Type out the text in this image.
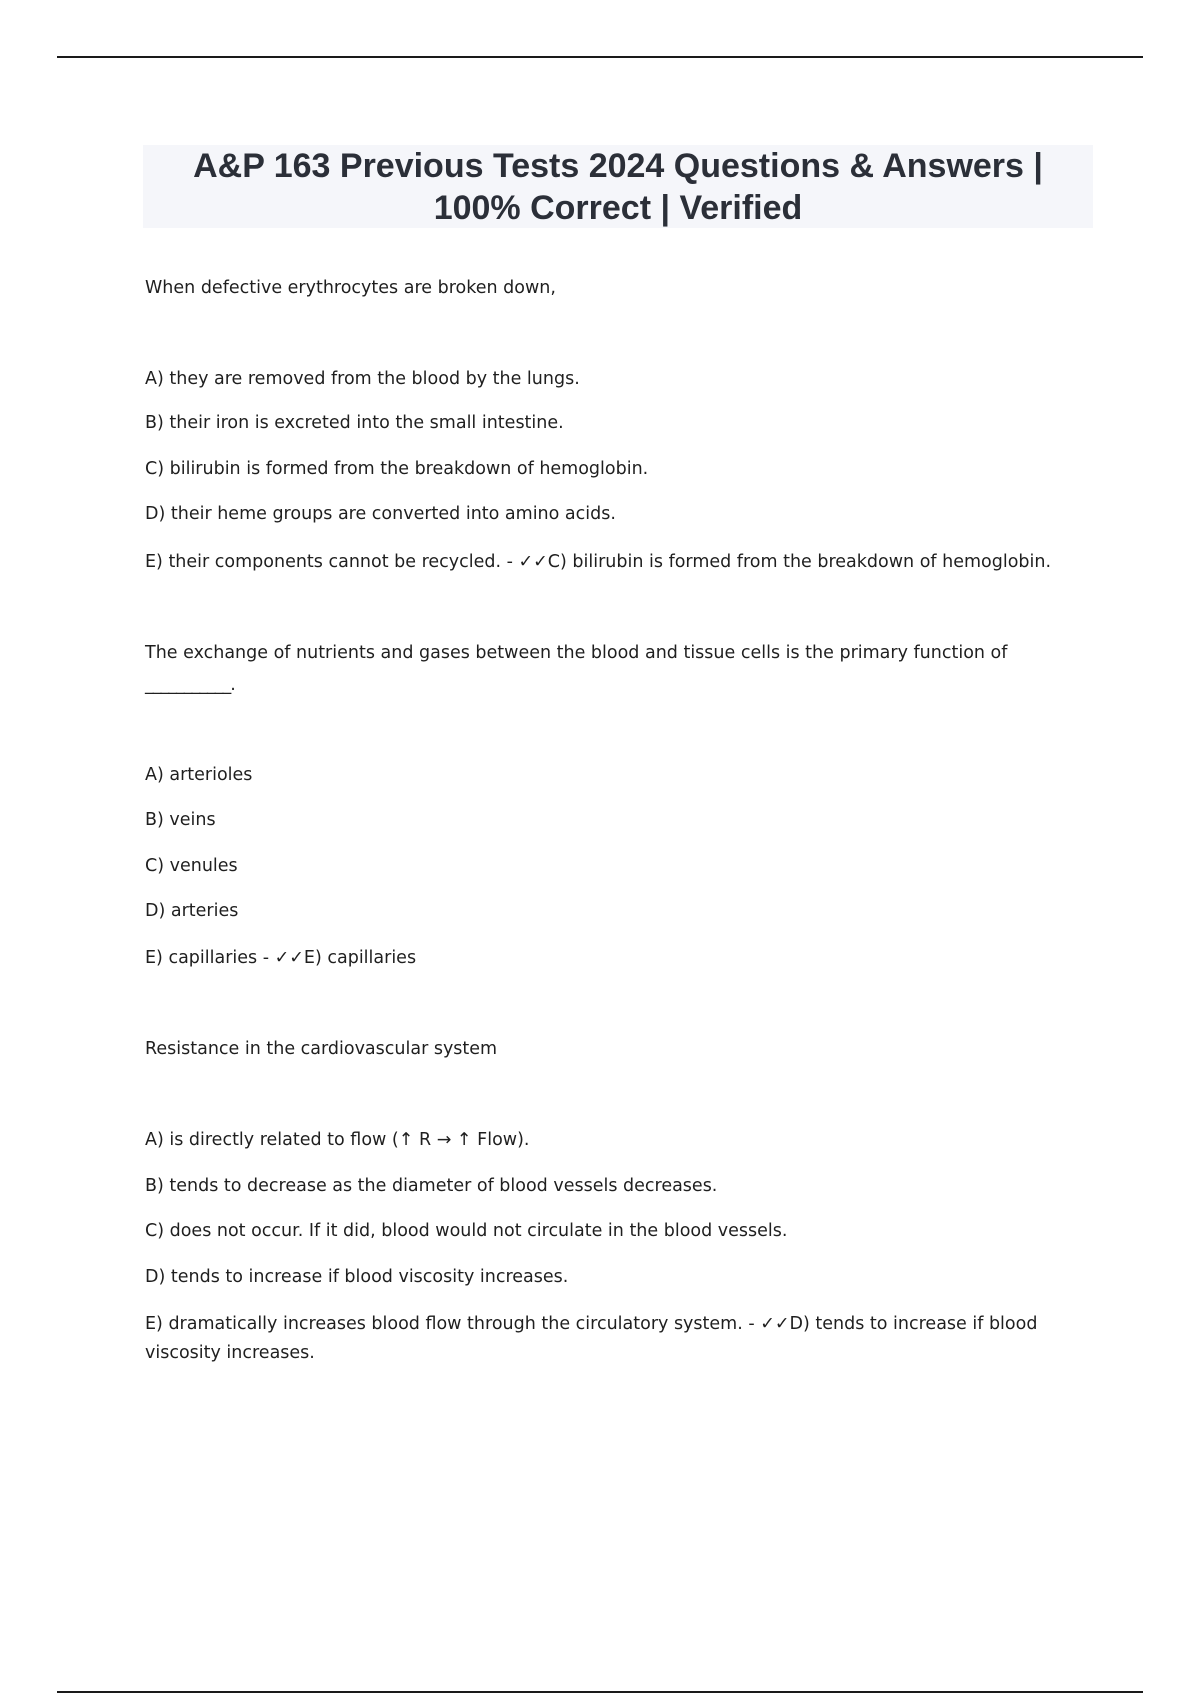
A&P 163 Previous Tests 2024 Questions & Answers |
100% Correct | Verified
When defective erythrocytes are broken down,
A) they are removed from the blood by the lungs.
B) their iron is excreted into the small intestine.
C) bilirubin is formed from the breakdown of hemoglobin.
D) their heme groups are converted into amino acids.
E) their components cannot be recycled. - ✓✓C) bilirubin is formed from the breakdown of hemoglobin.
The exchange of nutrients and gases between the blood and tissue cells is the primary function of
___________.
A) arterioles
B) veins
C) venules
D) arteries
E) capillaries - ✓✓E) capillaries
Resistance in the cardiovascular system
A) is directly related to flow (↑ R → ↑ Flow).
B) tends to decrease as the diameter of blood vessels decreases.
C) does not occur. If it did, blood would not circulate in the blood vessels.
D) tends to increase if blood viscosity increases.
E) dramatically increases blood flow through the circulatory system. - ✓✓D) tends to increase if blood viscosity increases.
